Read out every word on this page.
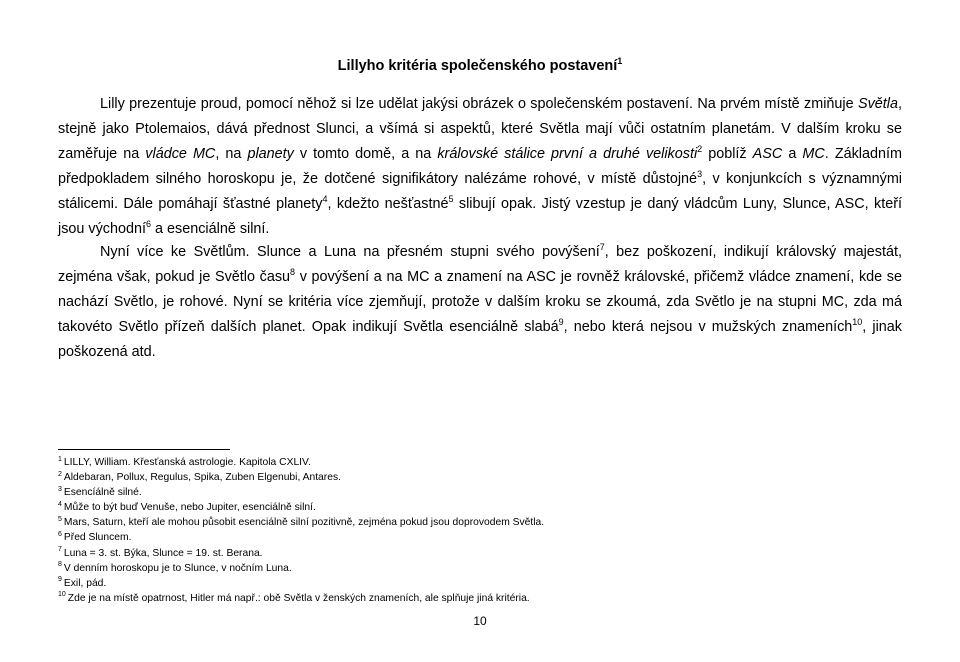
Lillyho kritéria společenského postavení$^1$

Lilly prezentuje proud, pomocí něhož si lze udělat jakýsi obrázek o společenském postavení. Na prvém místě zmiňuje Světla, stejně jako Ptolemaios, dává přednost Slunci, a všímá si aspektů, které Světla mají vůči ostatním planetám. V dalším kroku se zaměřuje na vládce MC, na planety v tomto domě, a na královské stálice první a druhé velikosti$^2$ poblíž ASC a MC. Základním předpokladem silného horoskopu je, že dotčené signifikátory nalézáme rohové, v místě důstojné$^3$, v konjunkcích s významnými stálicemi. Dále pomáhají šťastné planety$^4$, kdežto nešťastné$^5$ slibují opak. Jistý vzestup je daný vládcům Luny, Slunce, ASC, kteří jsou východní$^6$ a esenciálně silní.

Nyní více ke Světlům. Slunce a Luna na přesném stupni svého povýšení$^7$, bez poškození, indikují královský majestát, zejména však, pokud je Světlo času$^8$ v povýšení a na MC a znamení na ASC je rovněž královské, přičemž vládce znamení, kde se nachází Světlo, je rohové. Nyní se kritéria více zjemňují, protože v dalším kroku se zkoumá, zda Světlo je na stupni MC, zda má takovéto Světlo přízeň dalších planet. Opak indikují Světla esenciálně slabá$^9$, nebo která nejsou v mužských znameních$^{10}$, jinak poškozená atd.

$^1$ LILLY, William. Křesťanská astrologie. Kapitola CXLIV.
$^2$ Aldebaran, Pollux, Regulus, Spika, Zuben Elgenubi, Antares.
$^3$ Esencíálně silné.
$^4$ Může to být buď Venuše, nebo Jupiter, esenciálně silní.
$^5$ Mars, Saturn, kteří ale mohou působit esenciálně silní pozitivně, zejména pokud jsou doprovodem Světla.
$^6$ Před Sluncem.
$^7$ Luna = 3. st. Býka, Slunce = 19. st. Berana.
$^8$ V denním horoskopu je to Slunce, v nočním Luna.
$^9$ Exil, pád.
$^{10}$ Zde je na místě opatrnost, Hitler má např.: obě Světla v ženských znameních, ale splňuje jiná kritéria.
10
